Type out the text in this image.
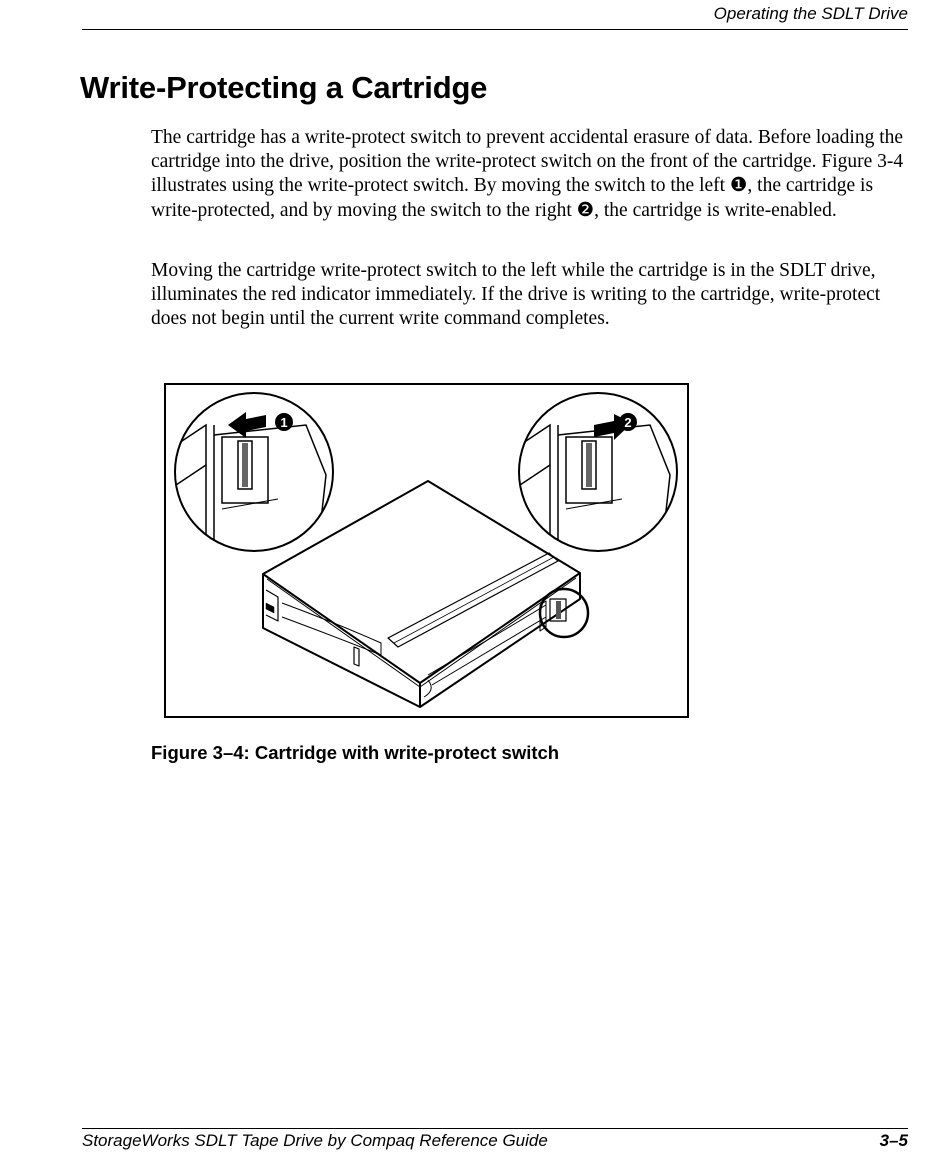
Operating the SDLT Drive
Write-Protecting a Cartridge

The cartridge has a write-protect switch to prevent accidental erasure of data. Before loading the cartridge into the drive, position the write-protect switch on the front of the cartridge. Figure 3-4 illustrates using the write-protect switch. By moving the switch to the left ❶, the cartridge is write-protected, and by moving the switch to the right ❷, the cartridge is write-enabled.

Moving the cartridge write-protect switch to the left while the cartridge is in the SDLT drive, illuminates the red indicator immediately. If the drive is writing to the cartridge, write-protect does not begin until the current write command completes.

1	2
Figure 3–4: Cartridge with write-protect switch
StorageWorks SDLT Tape Drive by Compaq Reference Guide	3–5
